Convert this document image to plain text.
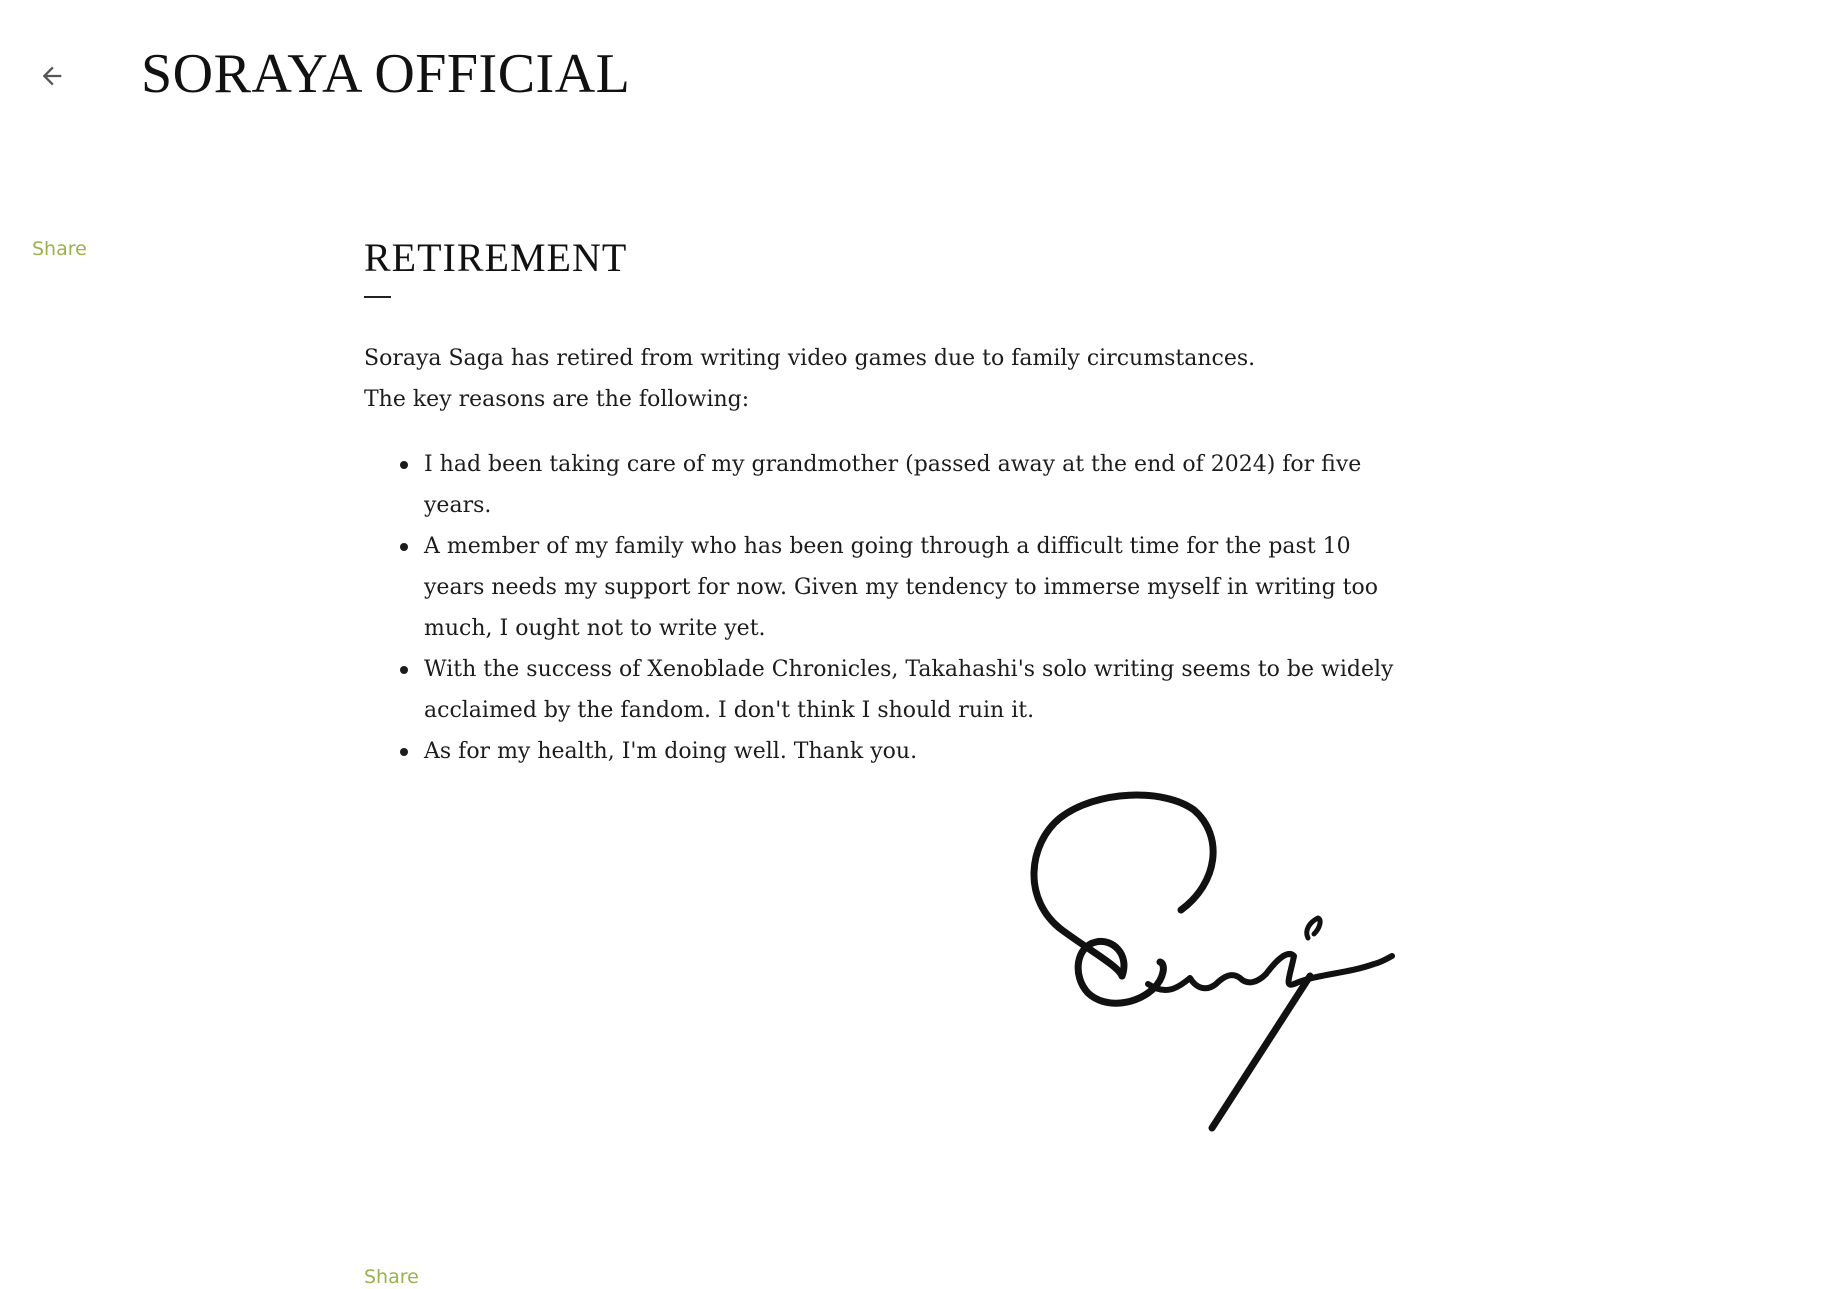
SORAYA OFFICIAL
Share	RETIREMENT
Soraya Saga has retired from writing video games due to family circumstances.
The key reasons are the following:
I had been taking care of my grandmother (passed away at the end of 2024) for five years.
A member of my family who has been going through a difficult time for the past 10 years needs my support for now. Given my tendency to immerse myself in writing too much, I ought not to write yet.
With the success of Xenoblade Chronicles, Takahashi's solo writing seems to be widely acclaimed by the fandom. I don't think I should ruin it.
As for my health, I'm doing well. Thank you.
Share
